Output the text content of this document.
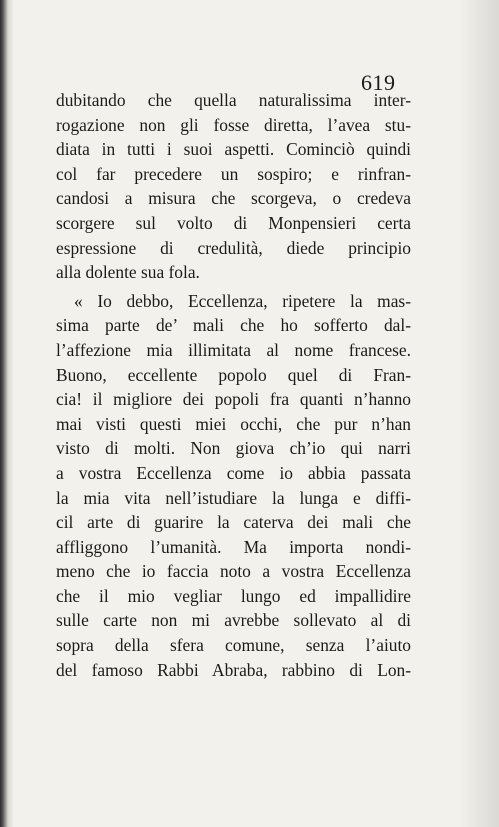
619
dubitando che quella naturalissima inter-
rogazione non gli fosse diretta, l’avea stu-
diata in tutti i suoi aspetti. Cominciò quindi
col far precedere un sospiro; e rinfran-
candosi a misura che scorgeva, o credeva
scorgere sul volto di Monpensieri certa
espressione di credulità, diede principio
alla dolente sua fola.
« Io debbo, Eccellenza, ripetere la mas-
sima parte de’ mali che ho sofferto dal-
l’affezione mia illimitata al nome francese.
Buono, eccellente popolo quel di Fran-
cia! il migliore dei popoli fra quanti n’hanno
mai visti questi miei occhi, che pur n’han
visto di molti. Non giova ch’io qui narri
a vostra Eccellenza come io abbia passata
la mia vita nell’istudiare la lunga e diffi-
cil arte di guarire la caterva dei mali che
affliggono l’umanità. Ma importa nondi-
meno che io faccia noto a vostra Eccellenza
che il mio vegliar lungo ed impallidire
sulle carte non mi avrebbe sollevato al di
sopra della sfera comune, senza l’aiuto
del famoso Rabbi Abraba, rabbino di Lon-
